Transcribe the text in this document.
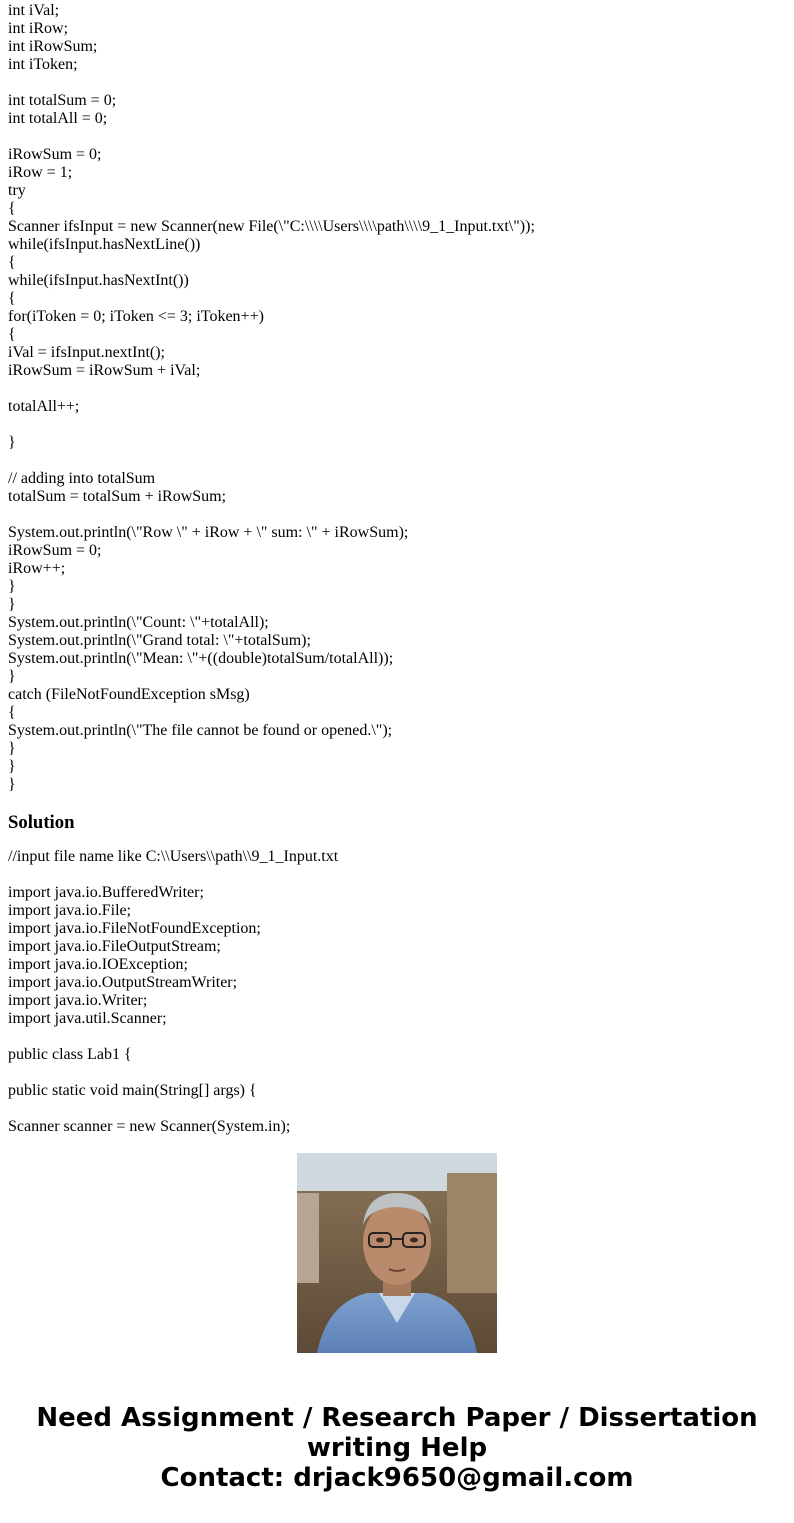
int iVal;

int iRow;

int iRowSum;

int iToken;

int totalSum = 0;

int totalAll = 0;

iRowSum = 0;

iRow = 1;

try

{

Scanner ifsInput = new Scanner(new File(\"C:\\\\Users\\\\path\\\\9_1_Input.txt\"));

while(ifsInput.hasNextLine())

{

while(ifsInput.hasNextInt())

{

for(iToken = 0; iToken <= 3; iToken++)

{

iVal = ifsInput.nextInt();

iRowSum = iRowSum + iVal;

totalAll++;

}

// adding into totalSum

totalSum = totalSum + iRowSum;

System.out.println(\"Row \" + iRow + \" sum: \" + iRowSum);

iRowSum = 0;

iRow++;

}

}

System.out.println(\"Count: \"+totalAll);

System.out.println(\"Grand total: \"+totalSum);

System.out.println(\"Mean: \"+((double)totalSum/totalAll));

}

catch (FileNotFoundException sMsg)

{

System.out.println(\"The file cannot be found or opened.\");

}

}

}

Solution

//input file name like C:\\Users\\path\\9_1_Input.txt

import java.io.BufferedWriter;

import java.io.File;

import java.io.FileNotFoundException;

import java.io.FileOutputStream;

import java.io.IOException;

import java.io.OutputStreamWriter;

import java.io.Writer;

import java.util.Scanner;

public class Lab1 {

public static void main(String[] args) {

Scanner scanner = new Scanner(System.in);

Need Assignment / Research Paper / Dissertation
writing Help
Contact: drjack9650@gmail.com
